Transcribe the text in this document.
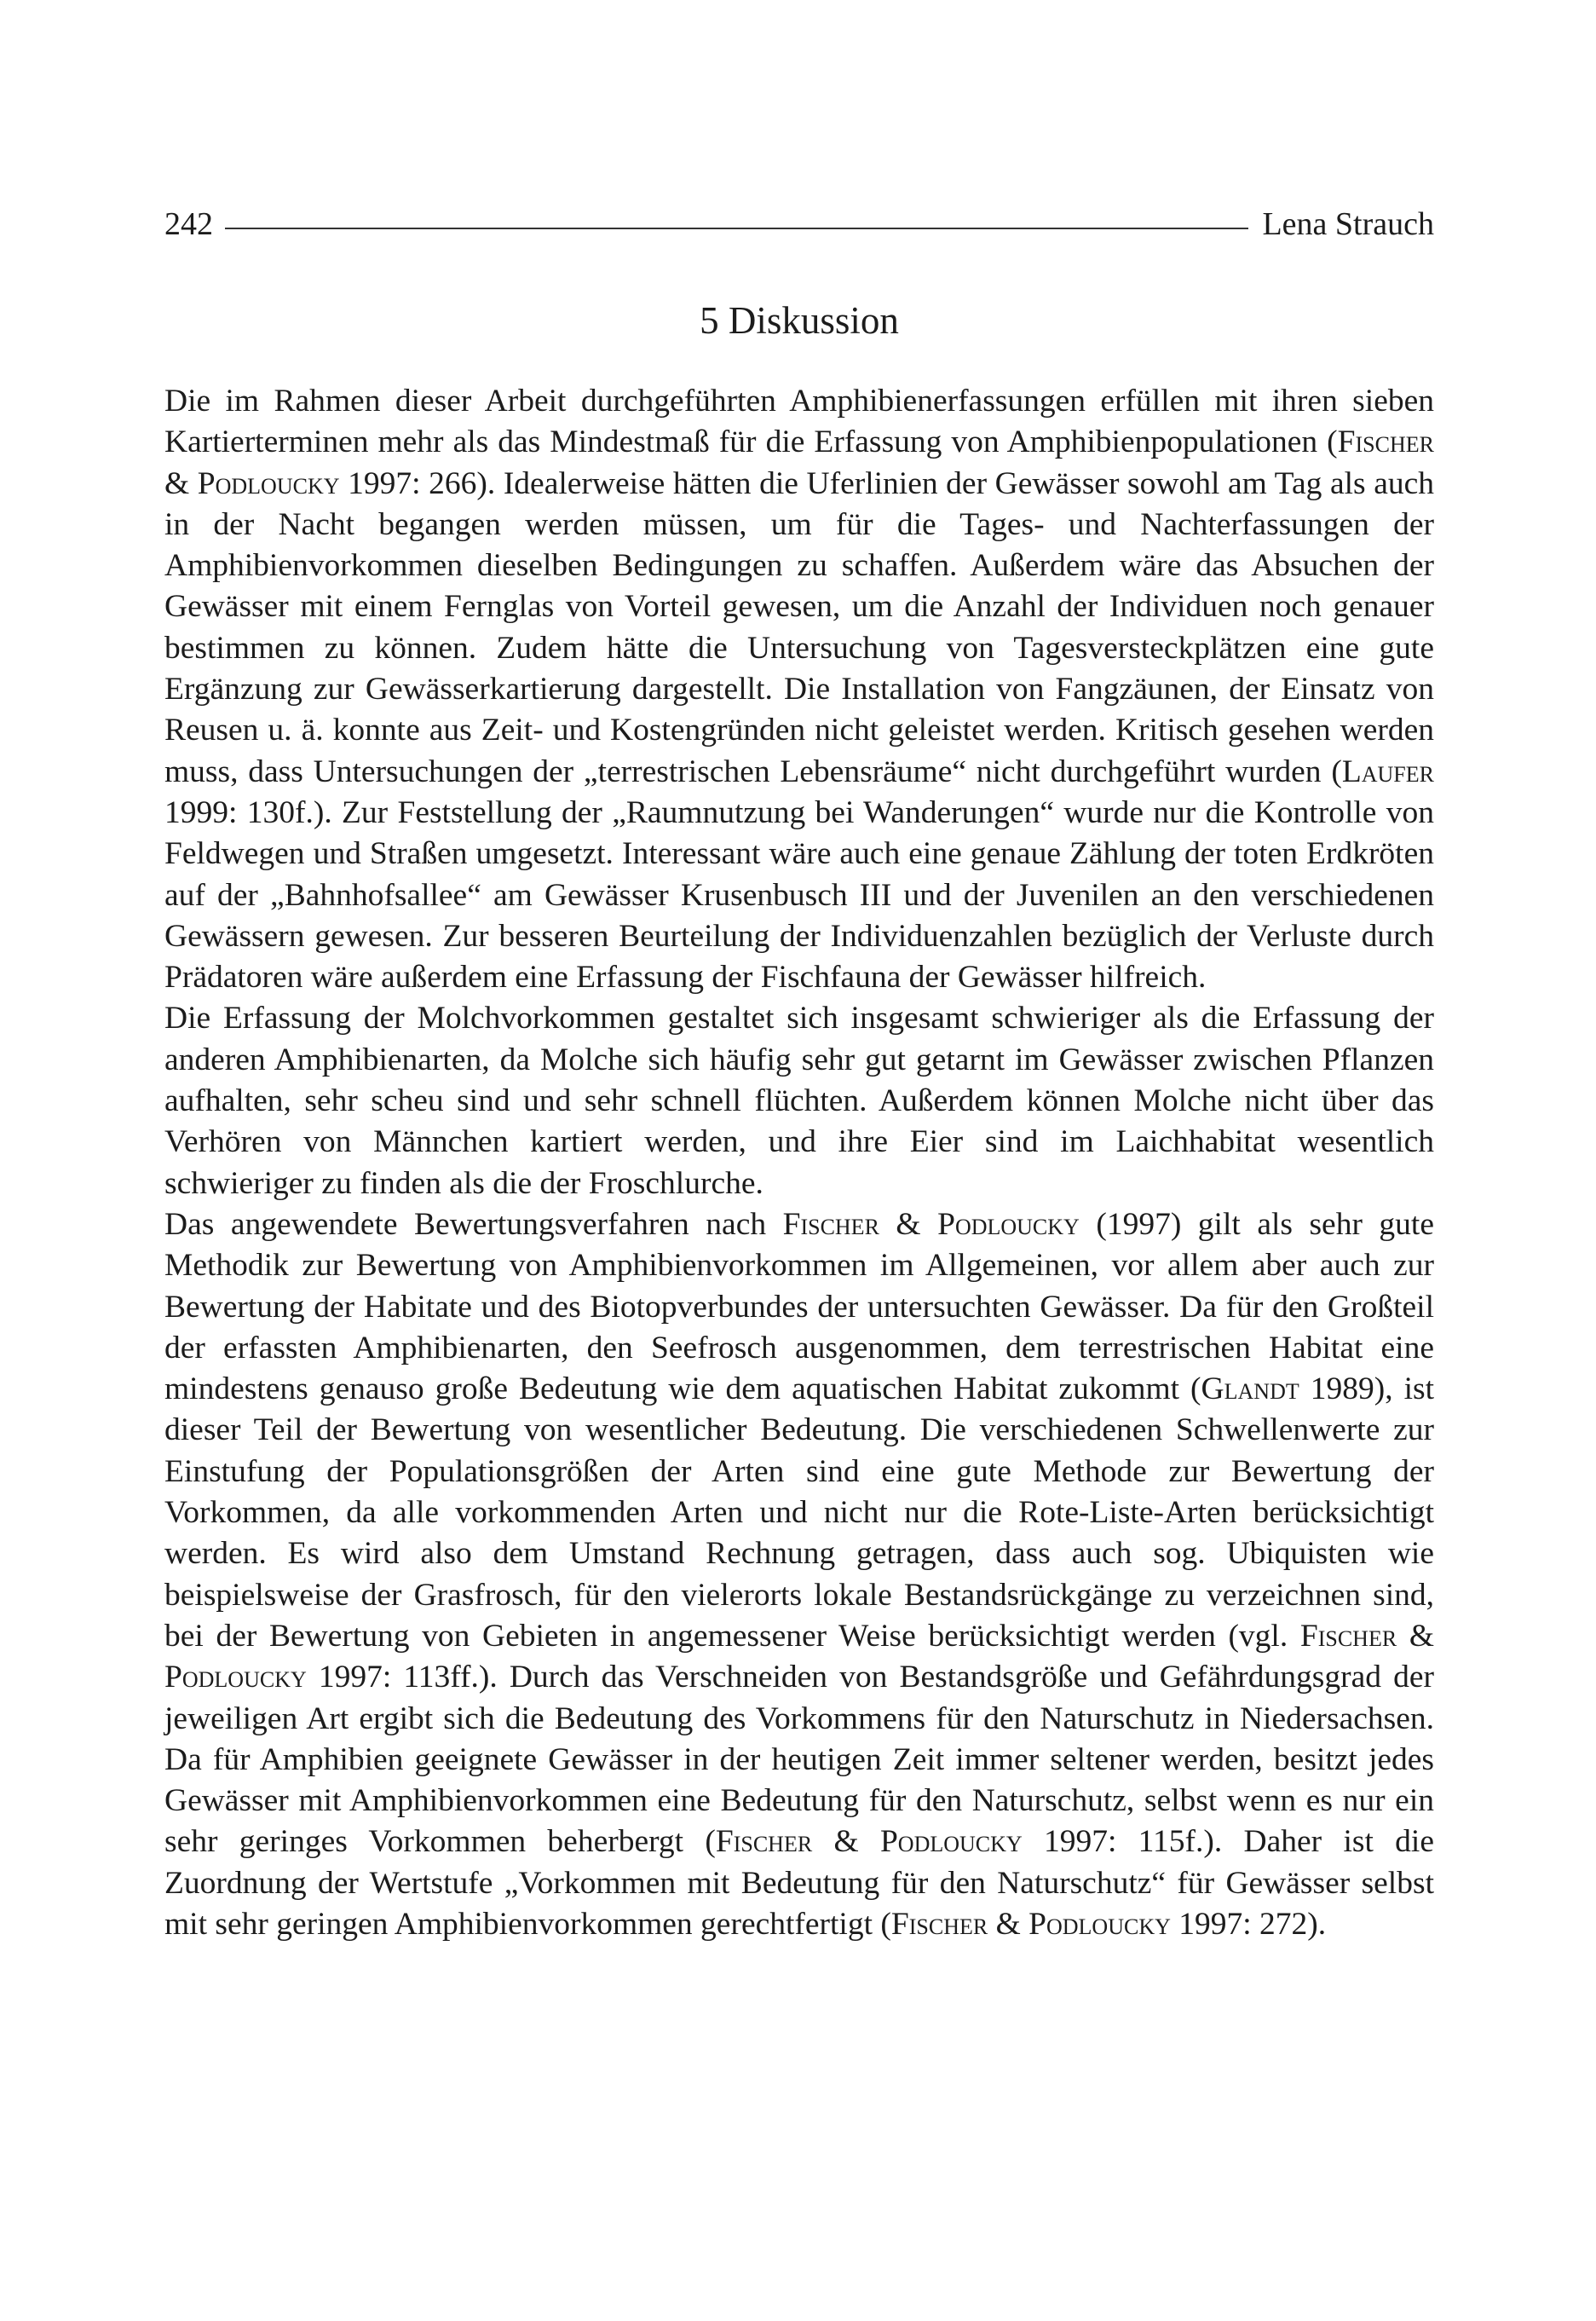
242	Lena Strauch
5 Diskussion

Die im Rahmen dieser Arbeit durchgeführten Amphibienerfassungen erfüllen mit ihren sieben Kartierterminen mehr als das Mindestmaß für die Erfassung von Amphibienpopulationen (Fischer & Podloucky 1997: 266). Idealerweise hätten die Uferlinien der Gewässer sowohl am Tag als auch in der Nacht begangen werden müssen, um für die Tages- und Nachterfassungen der Amphibienvorkommen dieselben Bedingungen zu schaffen. Außerdem wäre das Absuchen der Gewässer mit einem Fernglas von Vorteil gewesen, um die Anzahl der Individuen noch genauer bestimmen zu können. Zudem hätte die Untersuchung von Tagesversteckplätzen eine gute Ergänzung zur Gewässerkartierung dargestellt. Die Installation von Fangzäunen, der Einsatz von Reusen u. ä. konnte aus Zeit- und Kostengründen nicht geleistet werden. Kritisch gesehen werden muss, dass Untersuchungen der „terrestrischen Lebensräume“ nicht durchgeführt wurden (Laufer 1999: 130f.). Zur Feststellung der „Raumnutzung bei Wanderungen“ wurde nur die Kontrolle von Feldwegen und Straßen umgesetzt. Interessant wäre auch eine genaue Zählung der toten Erdkröten auf der „Bahnhofsallee“ am Gewässer Krusenbusch III und der Juvenilen an den verschiedenen Gewässern gewesen. Zur besseren Beurteilung der Individuenzahlen bezüglich der Verluste durch Prädatoren wäre außerdem eine Erfassung der Fischfauna der Gewässer hilfreich.

Die Erfassung der Molchvorkommen gestaltet sich insgesamt schwieriger als die Erfassung der anderen Amphibienarten, da Molche sich häufig sehr gut getarnt im Gewässer zwischen Pflanzen aufhalten, sehr scheu sind und sehr schnell flüchten. Außerdem können Molche nicht über das Verhören von Männchen kartiert werden, und ihre Eier sind im Laichhabitat wesentlich schwieriger zu finden als die der Froschlurche.

Das angewendete Bewertungsverfahren nach Fischer & Podloucky (1997) gilt als sehr gute Methodik zur Bewertung von Amphibienvorkommen im Allgemeinen, vor allem aber auch zur Bewertung der Habitate und des Biotopverbundes der untersuchten Gewässer. Da für den Großteil der erfassten Amphibienarten, den Seefrosch ausgenommen, dem terrestrischen Habitat eine mindestens genauso große Bedeutung wie dem aquatischen Habitat zukommt (Glandt 1989), ist dieser Teil der Bewertung von wesentlicher Bedeutung. Die verschiedenen Schwellenwerte zur Einstufung der Populationsgrößen der Arten sind eine gute Methode zur Bewertung der Vorkommen, da alle vorkommenden Arten und nicht nur die Rote-Liste-Arten berücksichtigt werden. Es wird also dem Umstand Rechnung getragen, dass auch sog. Ubiquisten wie beispielsweise der Grasfrosch, für den vielerorts lokale Bestandsrückgänge zu verzeichnen sind, bei der Bewertung von Gebieten in angemessener Weise berücksichtigt werden (vgl. Fischer & Podloucky 1997: 113ff.). Durch das Verschneiden von Bestandsgröße und Gefährdungsgrad der jeweiligen Art ergibt sich die Bedeutung des Vorkommens für den Naturschutz in Niedersachsen. Da für Amphibien geeignete Gewässer in der heutigen Zeit immer seltener werden, besitzt jedes Gewässer mit Amphibienvorkommen eine Bedeutung für den Naturschutz, selbst wenn es nur ein sehr geringes Vorkommen beherbergt (Fischer & Podloucky 1997: 115f.). Daher ist die Zuordnung der Wertstufe „Vorkommen mit Bedeutung für den Naturschutz“ für Gewässer selbst mit sehr geringen Amphibienvorkommen gerechtfertigt (Fischer & Podloucky 1997: 272).
